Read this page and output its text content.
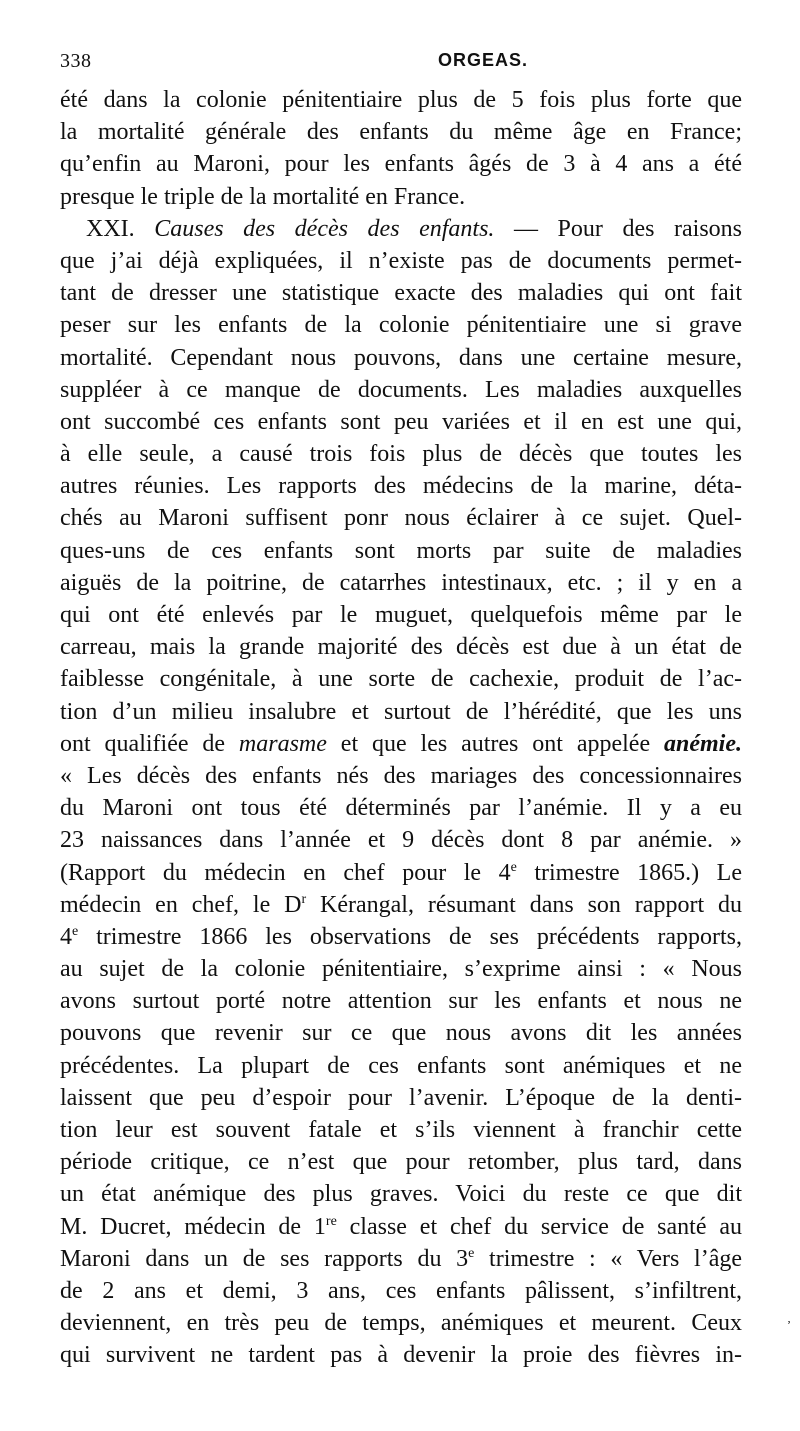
338	ORGEAS.
été dans la colonie pénitentiaire plus de 5 fois plus forte que
la mortalité générale des enfants du même âge en France;
qu’enfin au Maroni, pour les enfants âgés de 3 à 4 ans a été
presque le triple de la mortalité en France.
XXI. Causes des décès des enfants. — Pour des raisons
que j’ai déjà expliquées, il n’existe pas de documents permet-
tant de dresser une statistique exacte des maladies qui ont fait
peser sur les enfants de la colonie pénitentiaire une si grave
mortalité. Cependant nous pouvons, dans une certaine mesure,
suppléer à ce manque de documents. Les maladies auxquelles
ont succombé ces enfants sont peu variées et il en est une qui,
à elle seule, a causé trois fois plus de décès que toutes les
autres réunies. Les rapports des médecins de la marine, déta-
chés au Maroni suffisent ponr nous éclairer à ce sujet. Quel-
ques-uns de ces enfants sont morts par suite de maladies
aiguës de la poitrine, de catarrhes intestinaux, etc. ; il y en a
qui ont été enlevés par le muguet, quelquefois même par le
carreau, mais la grande majorité des décès est due à un état de
faiblesse congénitale, à une sorte de cachexie, produit de l’ac-
tion d’un milieu insalubre et surtout de l’hérédité, que les uns
ont qualifiée de marasme et que les autres ont appelée anémie.
« Les décès des enfants nés des mariages des concessionnaires
du Maroni ont tous été déterminés par l’anémie. Il y a eu
23 naissances dans l’année et 9 décès dont 8 par anémie. »
(Rapport du médecin en chef pour le 4e trimestre 1865.) Le
médecin en chef, le $D^r$ Kérangal, résumant dans son rapport du
4e trimestre 1866 les observations de ses précédents rapports,
au sujet de la colonie pénitentiaire, s’exprime ainsi : « Nous
avons surtout porté notre attention sur les enfants et nous ne
pouvons que revenir sur ce que nous avons dit les années
précédentes. La plupart de ces enfants sont anémiques et ne
laissent que peu d’espoir pour l’avenir. L’époque de la denti-
tion leur est souvent fatale et s’ils viennent à franchir cette
période critique, ce n’est que pour retomber, plus tard, dans
un état anémique des plus graves. Voici du reste ce que dit
M. Ducret, médecin de 1re classe et chef du service de santé au
Maroni dans un de ses rapports du 3e trimestre : « Vers l’âge
de 2 ans et demi, 3 ans, ces enfants pâlissent, s’infiltrent,
deviennent, en très peu de temps, anémiques et meurent. Ceux
qui survivent ne tardent pas à devenir la proie des fièvres in-
ʼ
